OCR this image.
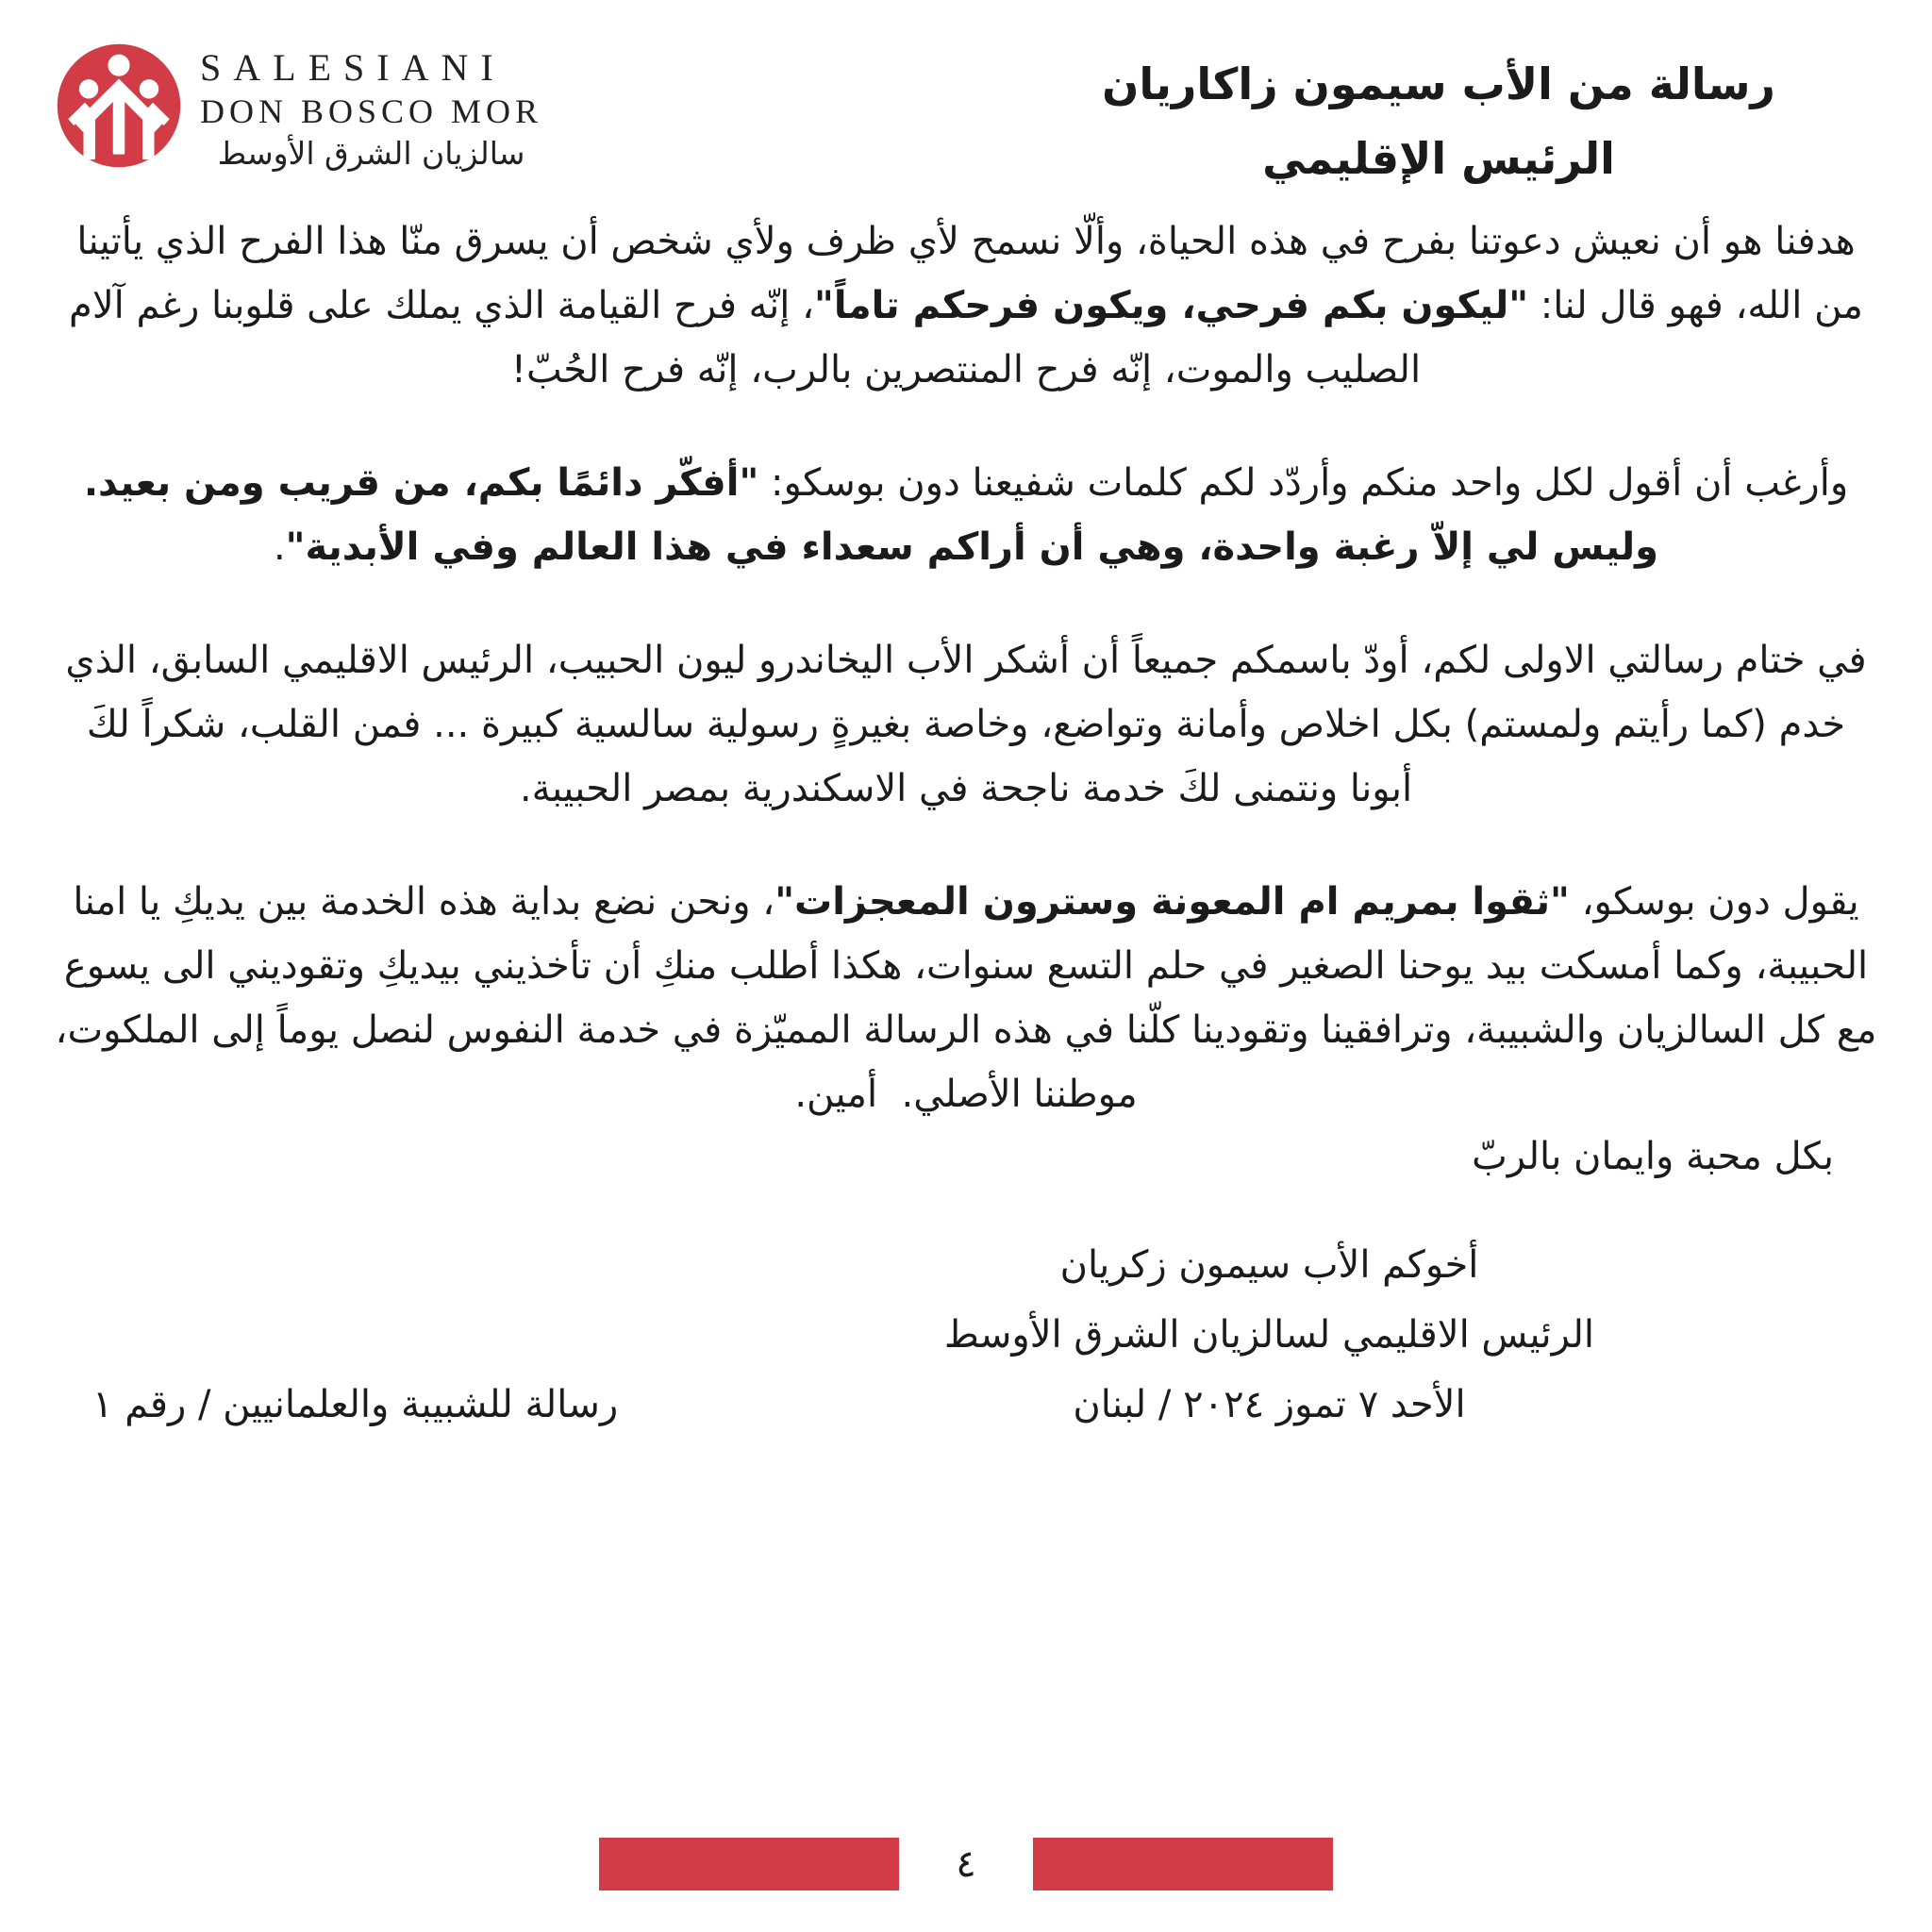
SALESIANI
DON BOSCO MOR
سالزيان الشرق الأوسط
رسالة من الأب سيمون زاكاريان
الرئيس الإقليمي

هدفنا هو أن نعيش دعوتنا بفرح في هذه الحياة، وألّا نسمح لأي ظرف ولأي شخص أن يسرق منّا هذا الفرح الذي يأتينا من الله، فهو قال لنا: "ليكون بكم فرحي، ويكون فرحكم تاماً"، إنّه فرح القيامة الذي يملك على قلوبنا رغم آلام الصليب والموت، إنّه فرح المنتصرين بالرب، إنّه فرح الحُبّ!

وأرغب أن أقول لكل واحد منكم وأردّد لكم كلمات شفيعنا دون بوسكو: "أفكّر دائمًا بكم، من قريب ومن بعيد. وليس لي إلاّ رغبة واحدة، وهي أن أراكم سعداء في هذا العالم وفي الأبدية".

في ختام رسالتي الاولى لكم، أودّ باسمكم جميعاً أن أشكر الأب اليخاندرو ليون الحبيب، الرئيس الاقليمي السابق، الذي خدم (كما رأيتم ولمستم) بكل اخلاص وأمانة وتواضع، وخاصة بغيرةٍ رسولية سالسية كبيرة ... فمن القلب، شكراً لكَ أبونا ونتمنى لكَ خدمة ناجحة في الاسكندرية بمصر الحبيبة.

يقول دون بوسكو، "ثقوا بمريم ام المعونة وسترون المعجزات"، ونحن نضع بداية هذه الخدمة بين يديكِ يا امنا الحبيبة، وكما أمسكت بيد يوحنا الصغير في حلم التسع سنوات، هكذا أطلب منكِ أن تأخذيني بيديكِ وتقوديني الى يسوع مع كل السالزيان والشبيبة، وترافقينا وتقودينا كلّنا في هذه الرسالة المميّزة في خدمة النفوس لنصل يوماً إلى الملكوت، موطننا الأصلي.  أمين.

بكل محبة وايمان بالربّ
أخوكم الأب سيمون زكريان
الرئيس الاقليمي لسالزيان الشرق الأوسط
الأحد ٧ تموز ٢٠٢٤ / لبنان
رسالة للشبيبة والعلمانيين / رقم ١
٤
